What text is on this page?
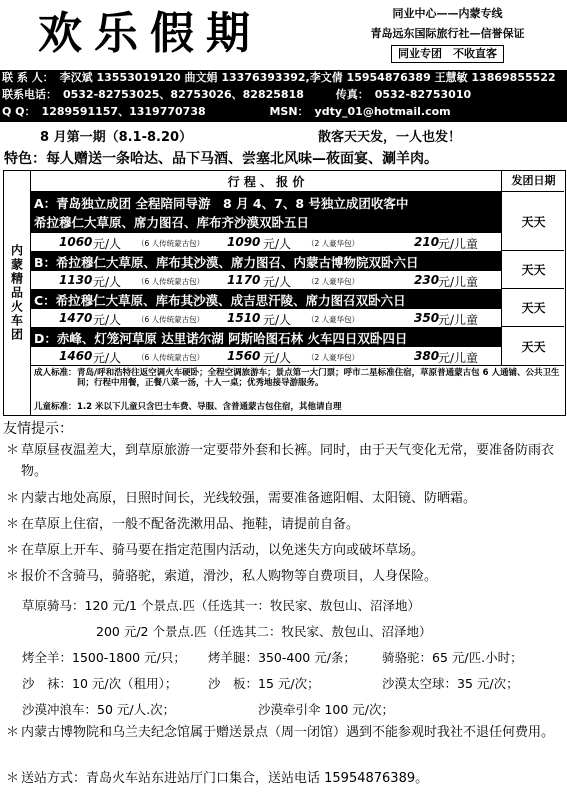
欢乐假期	同业中心——内蒙专线
青岛远东国际旅行社—信誉保证
同业专团　不收直客
联 系 人： 李汉斌 13553019120 曲文娟 13376393392,李文倩 15954876389 王慧敏 13869855522
联系电话： 0532-82753025、82753026、82825818	传真： 0532-82753010
Q Q： 1289591157、1319770738	MSN： ydty_01@hotmail.com
8 月第一期（8.1-8.20）	散客天天发，一人也发！
特色：每人赠送一条哈达、品下马酒、尝塞北风味—莜面宴、涮羊肉。
内蒙精品火车团
行 程 、 报 价	发团日期
A：青岛独立成团 全程陪同导游　8 月 4、7、8 号独立成团收客中
希拉穆仁大草原、席力图召、库布齐沙漠双卧五日
1060 元/人 （6 人传统蒙古包） 1090 元/人 （2 人豪华包）	210
元/儿童
天天
B：希拉穆仁大草原、库布其沙漠、席力图召、内蒙古博物院双卧六日
1130 元/人 （6 人传统蒙古包） 1170 元/人 （2 人豪华包）	230
元/儿童
天天
C：希拉穆仁大草原、库布其沙漠、成吉思汗陵、席力图召双卧六日
1470 元/人 （6 人传统蒙古包） 1510 元/人 （2 人豪华包）	350
元/儿童
天天
D：赤峰、灯笼河草原 达里诺尔湖 阿斯哈图石林 火车四日双卧四日
1460 元/人 （6 人传统蒙古包） 1560 元/人 （2 人豪华包）	380
元/儿童
天天
成人标准： 青岛/呼和浩特往返空调火车硬卧；全程空调旅游车；景点第一大门票；呼市二星标准住宿，草原普通蒙古包 6 人通铺、公共卫生间；行程中用餐，正餐八菜一汤，十人一桌；优秀地接导游服务。
儿童标准： 1.2 米以下儿童只含巴士车费、导服、含普通蒙古包住宿，其他请自理
友情提示：
＊ 草原昼夜温差大，到草原旅游一定要带外套和长裤。同时，由于天气变化无常，要准备防雨衣物。
＊ 内蒙古地处高原，日照时间长，光线较强，需要准备遮阳帽、太阳镜、防晒霜。
＊ 在草原上住宿，一般不配备洗漱用品、拖鞋，请提前自备。
＊ 在草原上开车、骑马要在指定范围内活动，以免迷失方向或破坏草场。
＊ 报价不含骑马，骑骆驼，索道，滑沙，私人购物等自费项目，人身保险。
草原骑马：120 元/1 个景点.匹（任选其一：牧民家、敖包山、沼泽地）
200 元/2 个景点.匹（任选其二：牧民家、敖包山、沼泽地）
烤全羊：1500-1800 元/只； 烤羊腿：350-400 元/条； 骑骆驼：65 元/匹.小时；
沙　袜：10 元/次（租用）； 沙　板：15 元/次；	沙漠太空球：35 元/次；
沙漠冲浪车：50 元/人.次；	沙漠牵引伞 100 元/次；
＊ 内蒙古博物院和乌兰夫纪念馆属于赠送景点（周一闭馆）遇到不能参观时我社不退任何费用。
＊ 送站方式：青岛火车站东进站厅门口集合，送站电话 15954876389。
